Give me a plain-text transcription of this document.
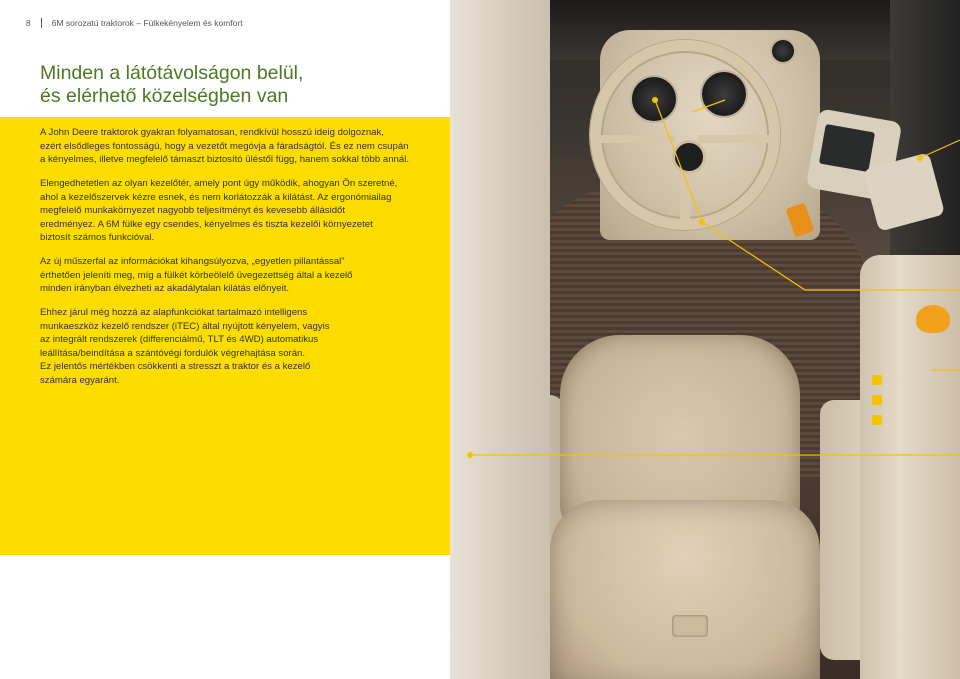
8 6M sorozatú traktorok – Fülkekényelem és komfort
Minden a látótávolságon belül,
és elérhető közelségben van
A John Deere traktorok gyakran folyamatosan, rendkívül hosszú ideig dolgoznak,
ezért elsődleges fontosságú, hogy a vezetőt megóvja a fáradságtól. És ez nem csupán
a kényelmes, illetve megfelelő támaszt biztosító üléstől függ, hanem sokkal több annál.
Elengedhetetlen az olyan kezelőtér, amely pont úgy működik, ahogyan Ön szeretné,
ahol a kezelőszervek kézre esnek, és nem korlátozzák a kilátást. Az ergonómiailag
megfelelő munkakörnyezet nagyobb teljesítményt és kevesebb állásidőt
eredményez. A 6M fülke egy csendes, kényelmes és tiszta kezelői környezetet
biztosít számos funkcióval.
Az új műszerfal az információkat kihangsúlyozva, „egyetlen pillantással”
érthetően jeleníti meg, míg a fülkét körbeölelő üvegezettség által a kezelő
minden irányban élvezheti az akadálytalan kilátás előnyeit.
Ehhez járul még hozzá az alapfunkciókat tartalmazó intelligens
munkaeszköz kezelő rendszer (iTEC) által nyújtott kényelem, vagyis
az integrált rendszerek (differenciálmű, TLT és 4WD) automatikus
leállítása/beindítása a szántóvégi fordulók végrehajtása során.
Ez jelentős mértékben csökkenti a stresszt a traktor és a kezelő
számára egyaránt.
